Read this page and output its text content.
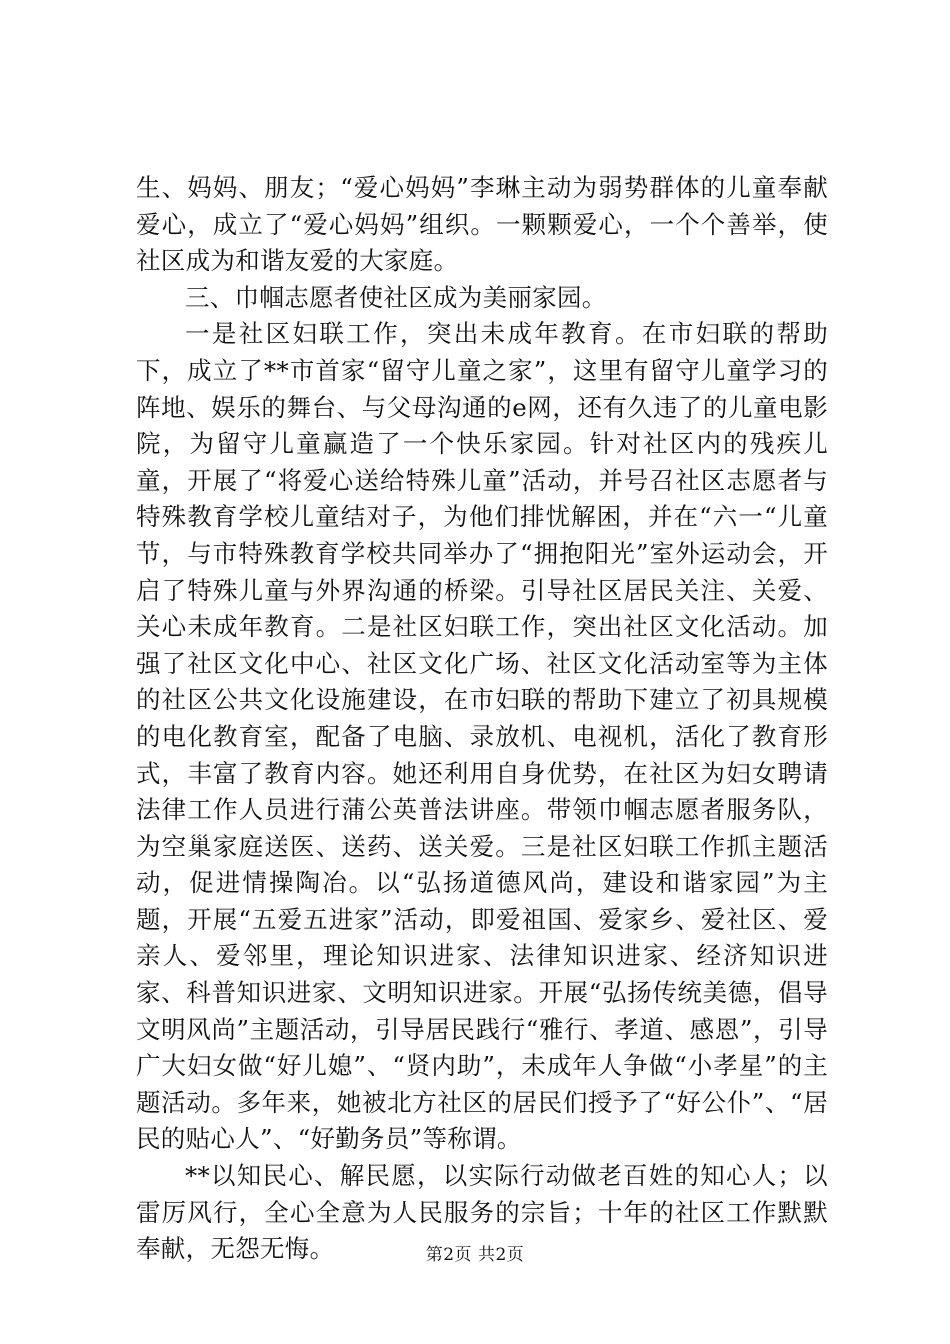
生、妈妈、朋友；“爱心妈妈”李琳主动为弱势群体的儿童奉献爱心，成立了“爱心妈妈”组织。一颗颗爱心，一个个善举，使社区成为和谐友爱的大家庭。

三、巾帼志愿者使社区成为美丽家园。

一是社区妇联工作，突出未成年教育。在市妇联的帮助下，成立了**市首家“留守儿童之家”，这里有留守儿童学习的阵地、娱乐的舞台、与父母沟通的e网，还有久违了的儿童电影院，为留守儿童赢造了一个快乐家园。针对社区内的残疾儿童，开展了“将爱心送给特殊儿童”活动，并号召社区志愿者与特殊教育学校儿童结对子，为他们排忧解困，并在“六一“儿童节，与市特殊教育学校共同举办了“拥抱阳光”室外运动会，开启了特殊儿童与外界沟通的桥梁。引导社区居民关注、关爱、关心未成年教育。二是社区妇联工作，突出社区文化活动。加强了社区文化中心、社区文化广场、社区文化活动室等为主体的社区公共文化设施建设，在市妇联的帮助下建立了初具规模的电化教育室，配备了电脑、录放机、电视机，活化了教育形式，丰富了教育内容。她还利用自身优势，在社区为妇女聘请法律工作人员进行蒲公英普法讲座。带领巾帼志愿者服务队，为空巢家庭送医、送药、送关爱。三是社区妇联工作抓主题活动，促进情操陶冶。以“弘扬道德风尚，建设和谐家园”为主题，开展“五爱五进家”活动，即爱祖国、爱家乡、爱社区、爱亲人、爱邻里，理论知识进家、法律知识进家、经济知识进家、科普知识进家、文明知识进家。开展“弘扬传统美德，倡导文明风尚”主题活动，引导居民践行“雅行、孝道、感恩”，引导广大妇女做“好儿媳”、“贤内助”，未成年人争做“小孝星”的主题活动。多年来，她被北方社区的居民们授予了“好公仆”、“居民的贴心人”、“好勤务员”等称谓。

**以知民心、解民愿，以实际行动做老百姓的知心人；以雷厉风行，全心全意为人民服务的宗旨；十年的社区工作默默奉献，无怨无悔。	第2页 共2页
